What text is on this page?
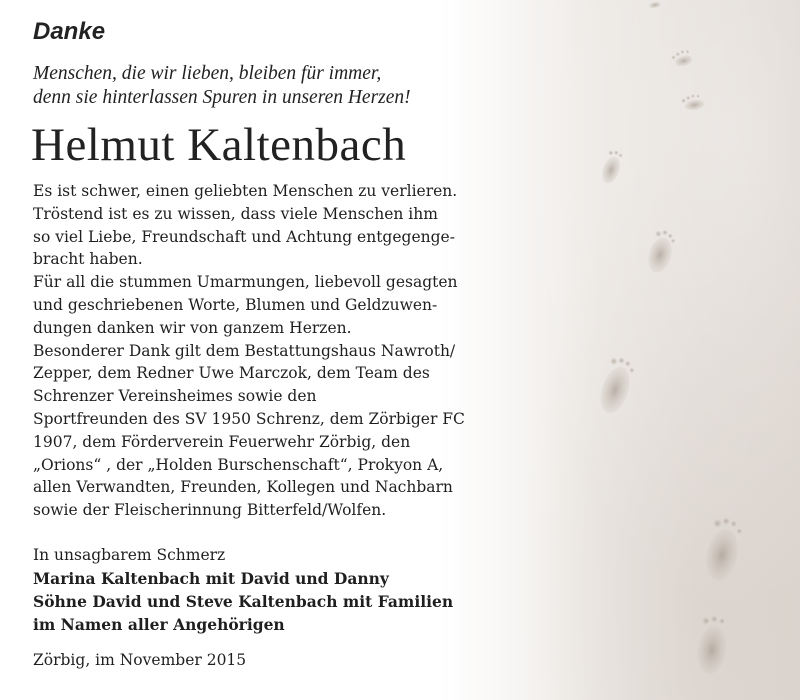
Danke
Menschen, die wir lieben, bleiben für immer,
denn sie hinterlassen Spuren in unseren Herzen!
Helmut Kaltenbach
Es ist schwer, einen geliebten Menschen zu verlieren.
Tröstend ist es zu wissen, dass viele Menschen ihm
so viel Liebe, Freundschaft und Achtung entgegenge-
bracht haben.
Für all die stummen Umarmungen, liebevoll gesagten
und geschriebenen Worte, Blumen und Geldzuwen-
dungen danken wir von ganzem Herzen.
Besonderer Dank gilt dem Bestattungshaus Nawroth/
Zepper, dem Redner Uwe Marczok, dem Team des
Schrenzer Vereinsheimes sowie den
Sportfreunden des SV 1950 Schrenz, dem Zörbiger FC
1907, dem Förderverein Feuerwehr Zörbig, den
„Orions“ , der „Holden Burschenschaft“, Prokyon A,
allen Verwandten, Freunden, Kollegen und Nachbarn
sowie der Fleischerinnung Bitterfeld/Wolfen.
In unsagbarem Schmerz
Marina Kaltenbach mit David und Danny
Söhne David und Steve Kaltenbach mit Familien
im Namen aller Angehörigen
Zörbig, im November 2015
